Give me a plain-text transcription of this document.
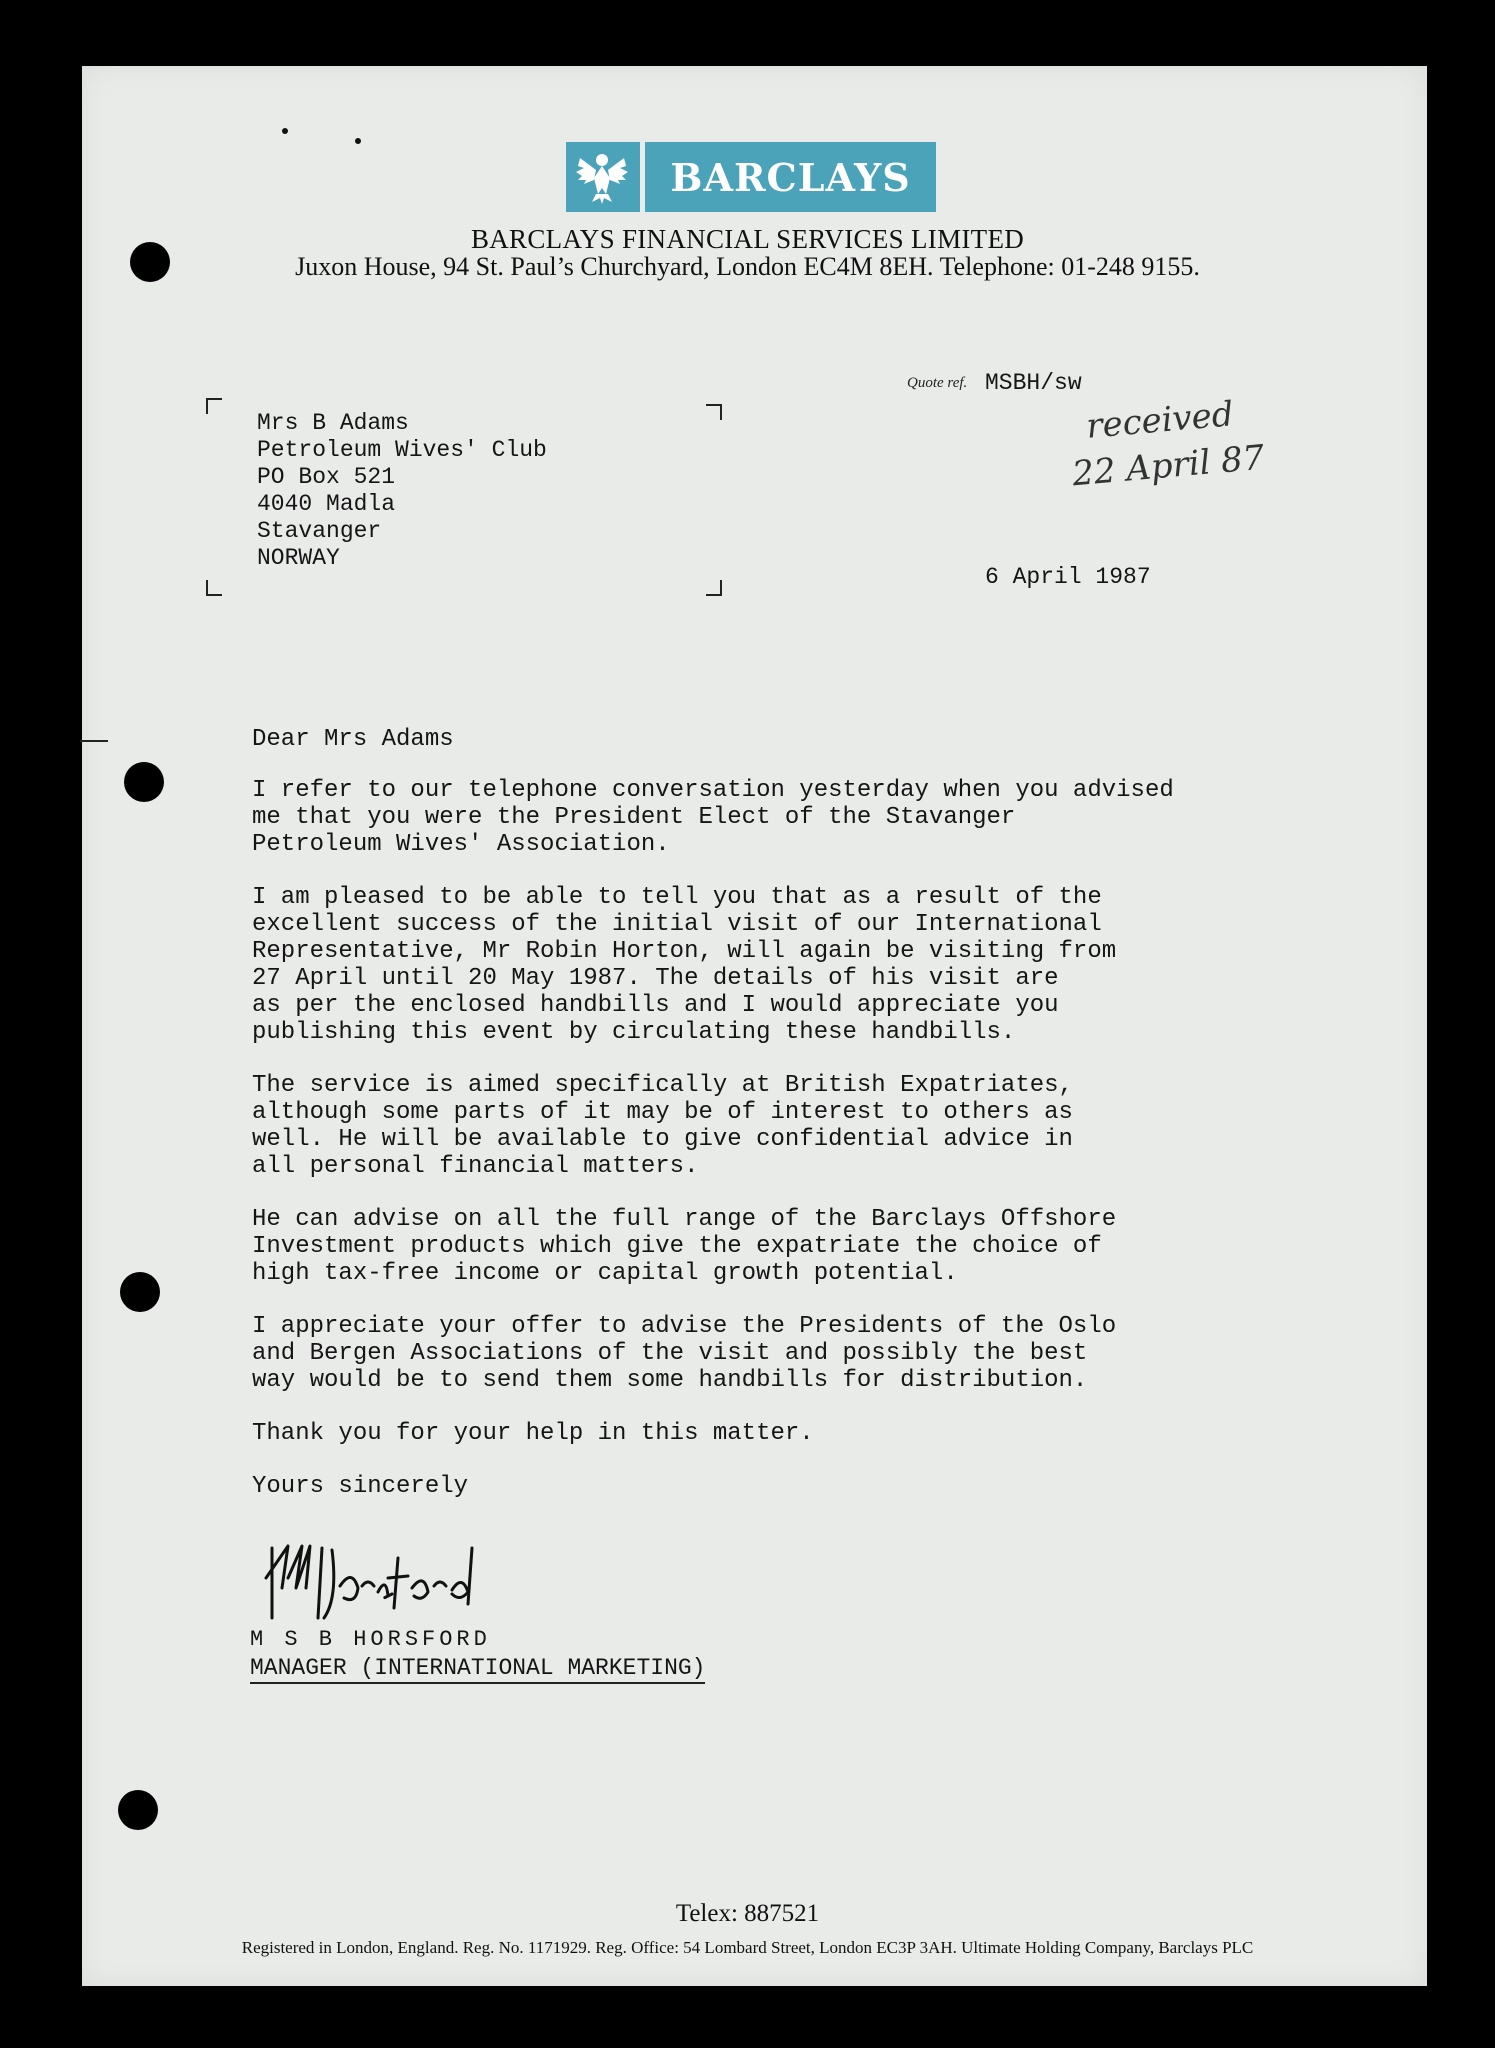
BARCLAYS
BARCLAYS FINANCIAL SERVICES LIMITED
Juxon House, 94 St. Paul’s Churchyard, London EC4M 8EH. Telephone: 01-248 9155.
Quote ref. MSBH/sw
Mrs B Adams
Petroleum Wives' Club
PO Box 521
4040 Madla
Stavanger
NORWAY
received
22 April 87
6 April 1987

Dear Mrs Adams

I refer to our telephone conversation yesterday when you advised
me that you were the President Elect of the Stavanger
Petroleum Wives' Association.

I am pleased to be able to tell you that as a result of the
excellent success of the initial visit of our International
Representative, Mr Robin Horton, will again be visiting from
27 April until 20 May 1987. The details of his visit are
as per the enclosed handbills and I would appreciate you
publishing this event by circulating these handbills.

The service is aimed specifically at British Expatriates,
although some parts of it may be of interest to others as
well. He will be available to give confidential advice in
all personal financial matters.

He can advise on all the full range of the Barclays Offshore
Investment products which give the expatriate the choice of
high tax-free income or capital growth potential.

I appreciate your offer to advise the Presidents of the Oslo
and Bergen Associations of the visit and possibly the best
way would be to send them some handbills for distribution.

Thank you for your help in this matter.

Yours sincerely

M S B HORSFORD
MANAGER (INTERNATIONAL MARKETING)
Telex: 887521
Registered in London, England. Reg. No. 1171929. Reg. Office: 54 Lombard Street, London EC3P 3AH. Ultimate Holding Company, Barclays PLC
